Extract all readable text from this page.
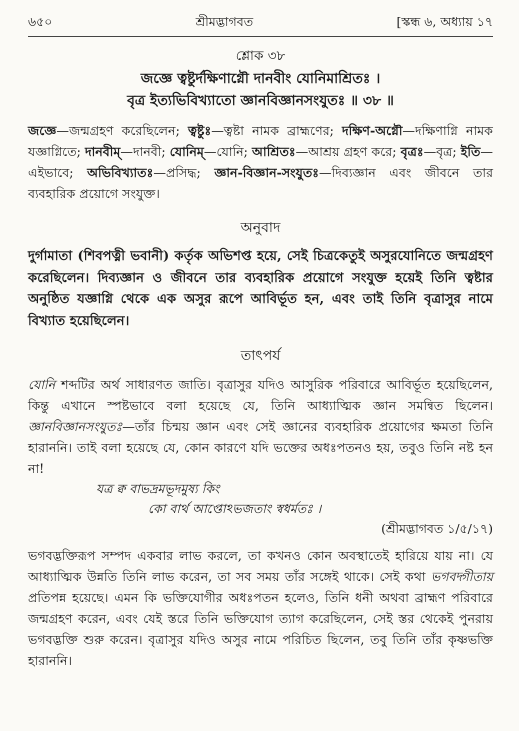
৬৫০	শ্রীমদ্ভাগবত	[স্কন্ধ ৬, অধ্যায় ১৭
শ্লোক ৩৮
জজ্ঞে ত্বষ্টুর্দক্ষিণাগ্নৌ দানবীং যোনিমাশ্রিতঃ ।
বৃত্র ইত্যভিবিখ্যাতো জ্ঞানবিজ্ঞানসংযুতঃ ॥ ৩৮ ॥

জজ্ঞে—জন্মগ্রহণ করেছিলেন; ত্বষ্টুঃ—ত্বষ্টা নামক ব্রাহ্মণের; দক্ষিণ-অগ্নৌ—দক্ষিণাগ্নি নামক যজ্ঞাগ্নিতে; দানবীম্—দানবী; যোনিম্—যোনি; আশ্রিতঃ—আশ্রয় গ্রহণ করে; বৃত্রঃ—বৃত্র; ইতি—এইভাবে; অভিবিখ্যাতঃ—প্রসিদ্ধ; জ্ঞান-বিজ্ঞান-সংযুতঃ—দিব্যজ্ঞান এবং জীবনে তার ব্যবহারিক প্রয়োগে সংযুক্ত।

অনুবাদ

দুর্গামাতা (শিবপত্নী ভবানী) কর্তৃক অভিশপ্ত হয়ে, সেই চিত্রকেতুই অসুরযোনিতে জন্মগ্রহণ করেছিলেন। দিব্যজ্ঞান ও জীবনে তার ব্যবহারিক প্রয়োগে সংযুক্ত হয়েই তিনি ত্বষ্টার অনুষ্ঠিত যজ্ঞাগ্নি থেকে এক অসুর রূপে আবির্ভূত হন, এবং তাই তিনি বৃত্রাসুর নামে বিখ্যাত হয়েছিলেন।

তাৎপর্য

যোনি শব্দটির অর্থ সাধারণত জাতি। বৃত্রাসুর যদিও আসুরিক পরিবারে আবির্ভূত হয়েছিলেন, কিন্তু এখানে স্পষ্টভাবে বলা হয়েছে যে, তিনি আধ্যাত্মিক জ্ঞান সমন্বিত ছিলেন। জ্ঞানবিজ্ঞানসংযুতঃ—তাঁর চিন্ময় জ্ঞান এবং সেই জ্ঞানের ব্যবহারিক প্রয়োগের ক্ষমতা তিনি হারাননি। তাই বলা হয়েছে যে, কোন কারণে যদি ভক্তের অধঃপতনও হয়, তবুও তিনি নষ্ট হন না!

যত্র ক্ব বাভদ্রমভূদমুষ্য কিং
কো বার্থ আপ্তোঽভজতাং স্বধর্মতঃ ।
(শ্রীমদ্ভাগবত ১/৫/১৭)

ভগবদ্ভক্তিরূপ সম্পদ একবার লাভ করলে, তা কখনও কোন অবস্থাতেই হারিয়ে যায় না। যে আধ্যাত্মিক উন্নতি তিনি লাভ করেন, তা সব সময় তাঁর সঙ্গেই থাকে। সেই কথা ভগবদ্গীতায় প্রতিপন্ন হয়েছে। এমন কি ভক্তিযোগীর অধঃপতন হলেও, তিনি ধনী অথবা ব্রাহ্মণ পরিবারে জন্মগ্রহণ করেন, এবং যেই স্তরে তিনি ভক্তিযোগ ত্যাগ করেছিলেন, সেই স্তর থেকেই পুনরায় ভগবদ্ভক্তি শুরু করেন। বৃত্রাসুর যদিও অসুর নামে পরিচিত ছিলেন, তবু তিনি তাঁর কৃষ্ণভক্তি হারাননি।
